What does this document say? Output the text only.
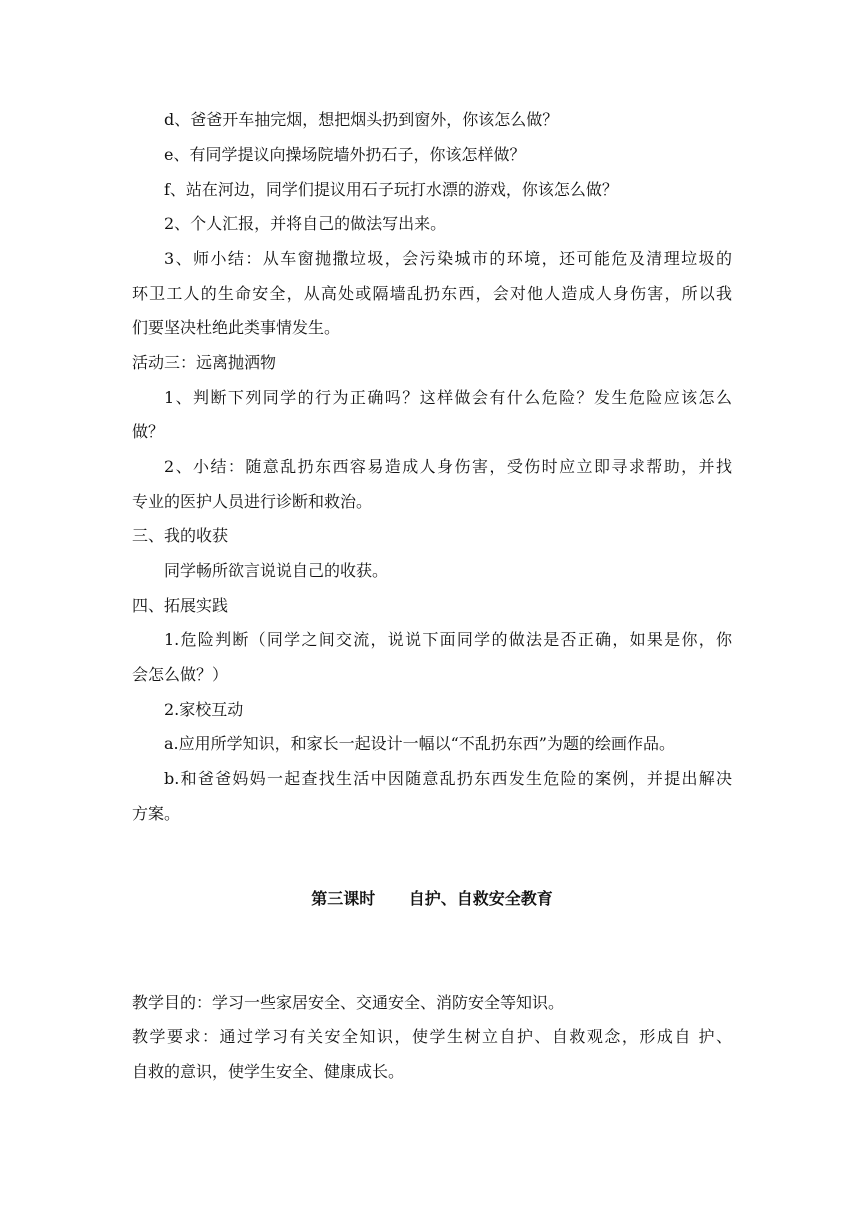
d、爸爸开车抽完烟，想把烟头扔到窗外，你该怎么做？
e、有同学提议向操场院墙外扔石子，你该怎样做？
f、站在河边，同学们提议用石子玩打水漂的游戏，你该怎么做？
2、个人汇报，并将自己的做法写出来。
3、师小结：从车窗抛撒垃圾，会污染城市的环境，还可能危及清理垃圾的
环卫工人的生命安全，从高处或隔墙乱扔东西，会对他人造成人身伤害，所以我
们要坚决杜绝此类事情发生。
活动三：远离抛洒物
1、判断下列同学的行为正确吗？这样做会有什么危险？发生危险应该怎么
做？
2、小结：随意乱扔东西容易造成人身伤害，受伤时应立即寻求帮助，并找
专业的医护人员进行诊断和救治。
三、我的收获
同学畅所欲言说说自己的收获。
四、拓展实践
1.危险判断（同学之间交流，说说下面同学的做法是否正确，如果是你，你
会怎么做？）
2.家校互动
a.应用所学知识，和家长一起设计一幅以“不乱扔东西”为题的绘画作品。
b.和爸爸妈妈一起查找生活中因随意乱扔东西发生危险的案例，并提出解决
方案。
第三课时      自护、自救安全教育
教学目的：学习一些家居安全、交通安全、消防安全等知识。
教学要求：通过学习有关安全知识，使学生树立自护、自救观念，形成自 护、
自救的意识，使学生安全、健康成长。
